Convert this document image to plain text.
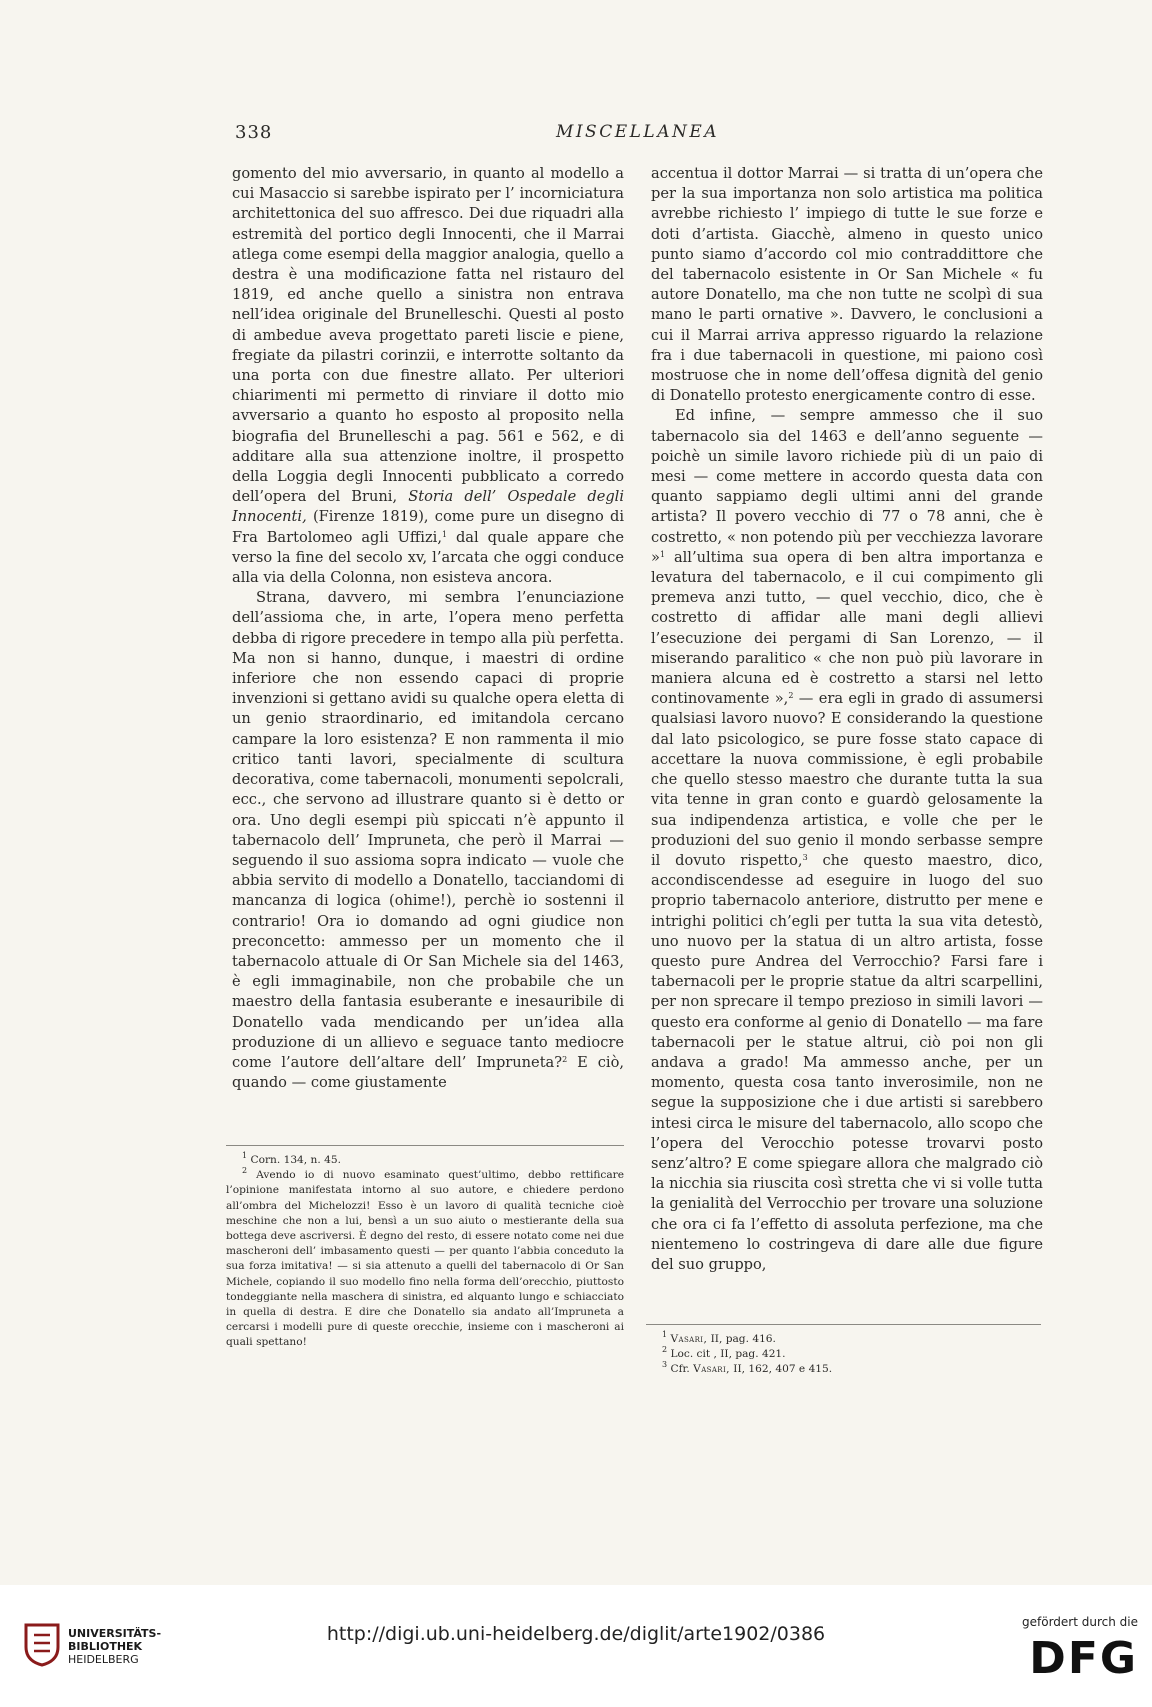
338	MISCELLANEA

gomento del mio avversario, in quanto al modello a cui Masaccio si sarebbe ispirato per l’ incorniciatura architettonica del suo affresco. Dei due riquadri alla estremità del portico degli Innocenti, che il Marrai atlega come esempi della maggior analogia, quello a destra è una modificazione fatta nel ristauro del 1819, ed anche quello a sinistra non entrava nell’idea originale del Brunelleschi. Questi al posto di ambedue aveva progettato pareti liscie e piene, fregiate da pilastri corinzii, e interrotte soltanto da una porta con due finestre allato. Per ulteriori chiarimenti mi permetto di rinviare il dotto mio avversario a quanto ho esposto al proposito nella biografia del Brunelleschi a pag. 561 e 562, e di additare alla sua attenzione inoltre, il prospetto della Loggia degli Innocenti pubblicato a corredo dell’opera del Bruni, Storia dell’ Ospedale degli Innocenti, (Firenze 1819), come pure un disegno di Fra Bartolomeo agli Uffizi,$^1$ dal quale appare che verso la fine del secolo xv, l’arcata che oggi conduce alla via della Colonna, non esisteva ancora.

Strana, davvero, mi sembra l’enunciazione dell’assioma che, in arte, l’opera meno perfetta debba di rigore precedere in tempo alla più perfetta. Ma non si hanno, dunque, i maestri di ordine inferiore che non essendo capaci di proprie invenzioni si gettano avidi su qualche opera eletta di un genio straordinario, ed imitandola cercano campare la loro esistenza? E non rammenta il mio critico tanti lavori, specialmente di scultura decorativa, come tabernacoli, monumenti sepolcrali, ecc., che servono ad illustrare quanto si è detto or ora. Uno degli esempi più spiccati n’è appunto il tabernacolo dell’ Impruneta, che però il Marrai — seguendo il suo assioma sopra indicato — vuole che abbia servito di modello a Donatello, tacciandomi di mancanza di logica (ohime!), perchè io sostenni il contrario! Ora io domando ad ogni giudice non preconcetto: ammesso per un momento che il tabernacolo attuale di Or San Michele sia del 1463, è egli immaginabile, non che probabile che un maestro della fantasia esuberante e inesauribile di Donatello vada mendicando per un’idea alla produzione di un allievo e seguace tanto mediocre come l’autore dell’altare dell’ Impruneta?$^2$ E ciò, quando — come giustamente

$^1$ Corn. 134, n. 45.

$^2$ Avendo io di nuovo esaminato quest’ultimo, debbo rettificare l’opinione manifestata intorno al suo autore, e chiedere perdono all’ombra del Michelozzi! Esso è un lavoro di qualità tecniche cioè meschine che non a lui, bensì a un suo aiuto o mestierante della sua bottega deve ascriversi. È degno del resto, di essere notato come nei due mascheroni dell’ imbasamento questi — per quanto l’abbia conceduto la sua forza imitativa! — si sia attenuto a quelli del tabernacolo di Or San Michele, copiando il suo modello fino nella forma dell’orecchio, piuttosto tondeggiante nella maschera di sinistra, ed alquanto lungo e schiacciato in quella di destra. E dire che Donatello sia andato all’Impruneta a cercarsi i modelli pure di queste orecchie, insieme con i mascheroni ai quali spettano!

accentua il dottor Marrai — si tratta di un’opera che per la sua importanza non solo artistica ma politica avrebbe richiesto l’ impiego di tutte le sue forze e doti d’artista. Giacchè, almeno in questo unico punto siamo d’accordo col mio contraddittore che del tabernacolo esistente in Or San Michele « fu autore Donatello, ma che non tutte ne scolpì di sua mano le parti ornative ». Davvero, le conclusioni a cui il Marrai arriva appresso riguardo la relazione fra i due tabernacoli in questione, mi paiono così mostruose che in nome dell’offesa dignità del genio di Donatello protesto energicamente contro di esse.

Ed infine, — sempre ammesso che il suo tabernacolo sia del 1463 e dell’anno seguente — poichè un simile lavoro richiede più di un paio di mesi — come mettere in accordo questa data con quanto sappiamo degli ultimi anni del grande artista? Il povero vecchio di 77 o 78 anni, che è costretto, « non potendo più per vecchiezza lavorare »$^1$ all’ultima sua opera di ben altra importanza e levatura del tabernacolo, e il cui compimento gli premeva anzi tutto, — quel vecchio, dico, che è costretto di affidar alle mani degli allievi l’esecuzione dei pergami di San Lorenzo, — il miserando paralitico « che non può più lavorare in maniera alcuna ed è costretto a starsi nel letto continovamente »,$^2$ — era egli in grado di assumersi qualsiasi lavoro nuovo? E considerando la questione dal lato psicologico, se pure fosse stato capace di accettare la nuova commissione, è egli probabile che quello stesso maestro che durante tutta la sua vita tenne in gran conto e guardò gelosamente la sua indipendenza artistica, e volle che per le produzioni del suo genio il mondo serbasse sempre il dovuto rispetto,$^3$ che questo maestro, dico, accondiscendesse ad eseguire in luogo del suo proprio tabernacolo anteriore, distrutto per mene e intrighi politici ch’egli per tutta la sua vita detestò, uno nuovo per la statua di un altro artista, fosse questo pure Andrea del Verrocchio? Farsi fare i tabernacoli per le proprie statue da altri scarpellini, per non sprecare il tempo prezioso in simili lavori — questo era conforme al genio di Donatello — ma fare tabernacoli per le statue altrui, ciò poi non gli andava a grado! Ma ammesso anche, per un momento, questa cosa tanto inverosimile, non ne segue la supposizione che i due artisti si sarebbero intesi circa le misure del tabernacolo, allo scopo che l’opera del Verocchio potesse trovarvi posto senz’altro? E come spiegare allora che malgrado ciò la nicchia sia riuscita così stretta che vi si volle tutta la genialità del Verrocchio per trovare una soluzione che ora ci fa l’effetto di assoluta perfezione, ma che nientemeno lo costringeva di dare alle due figure del suo gruppo,

$^1$ Vasari, II, pag. 416.

$^2$ Loc. cit , II, pag. 421.

$^3$ Cfr. Vasari, II, 162, 407 e 415.

UNIVERSITÄTS-
BIBLIOTHEK
HEIDELBERG
http://digi.ub.uni-heidelberg.de/diglit/arte1902/0386
gefördert durch die
DFG
